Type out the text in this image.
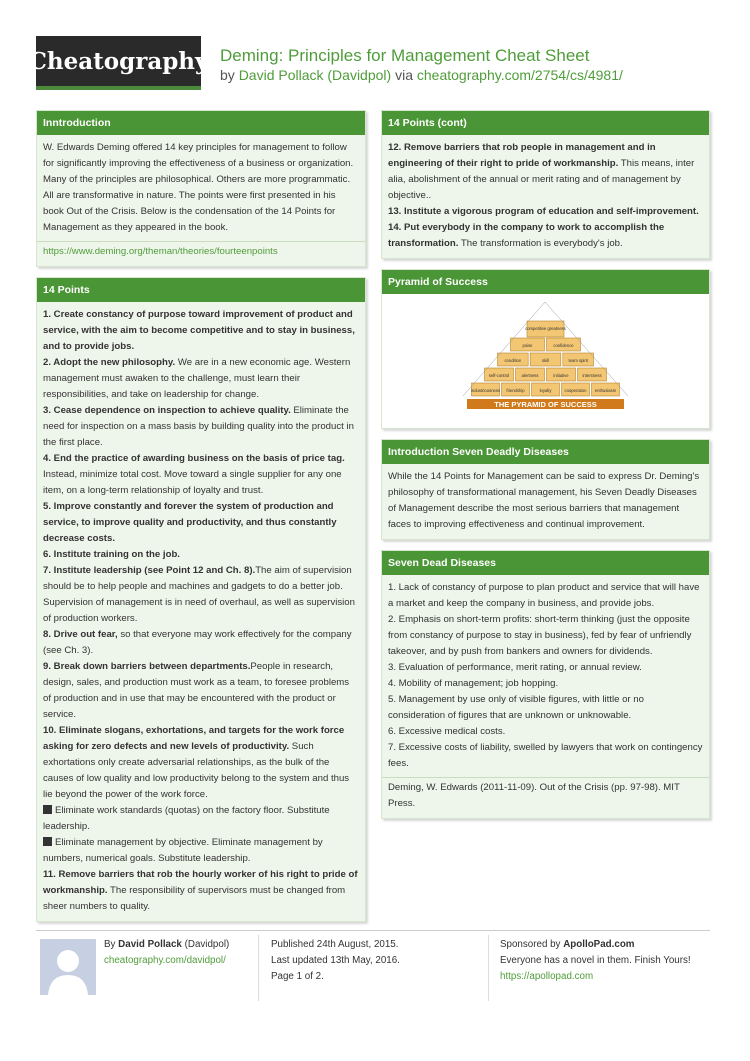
Cheatography Deming: Principles for Management Cheat Sheet
by David Pollack (Davidpol) via cheatography.com/2754/cs/4981/
Inntroduction

W. Edwards Deming offered 14 key principles for management to follow for significantly improving the effectiveness of a business or organization. Many of the principles are philosophical. Others are more programmatic. All are transformative in nature. The points were first presented in his book Out of the Crisis. Below is the condensation of the 14 Points for Management as they appeared in the book.

https://www.deming.org/theman/theories/fourteenpoints
14 Points
1. Create constancy of purpose toward improvement of product and service, with the aim to become competitive and to stay in business, and to provide jobs.
2. Adopt the new philosophy. We are in a new economic age. Western management must awaken to the challenge, must learn their responsibilities, and take on leadership for change.
3. Cease dependence on inspection to achieve quality. Eliminate the need for inspection on a mass basis by building quality into the product in the first place.
4. End the practice of awarding business on the basis of price tag. Instead, minimize total cost. Move toward a single supplier for any one item, on a long-term relationship of loyalty and trust.
5. Improve constantly and forever the system of production and service, to improve quality and productivity, and thus constantly decrease costs.
6. Institute training on the job.
7. Institute leadership (see Point 12 and Ch. 8).The aim of supervision should be to help people and machines and gadgets to do a better job. Supervision of management is in need of overhaul, as well as supervision of production workers.
8. Drive out fear, so that everyone may work effectively for the company (see Ch. 3).
9. Break down barriers between departments.People in research, design, sales, and production must work as a team, to foresee problems of production and in use that may be encountered with the product or service.
10. Eliminate slogans, exhortations, and targets for the work force asking for zero defects and new levels of productivity. Such exhortations only create adversarial relationships, as the bulk of the causes of low quality and low productivity belong to the system and thus lie beyond the power of the work force.
Eliminate work standards (quotas) on the factory floor. Substitute leadership.
Eliminate management by objective. Eliminate management by numbers, numerical goals. Substitute leadership.
11. Remove barriers that rob the hourly worker of his right to pride of workmanship. The responsibility of supervisors must be changed from sheer numbers to quality.
14 Points (cont)
12. Remove barriers that rob people in management and in engineering of their right to pride of workmanship. This means, inter alia, abolishment of the annual or merit rating and of management by objective..
13. Institute a vigorous program of education and self-improvement.
14. Put everybody in the company to work to accomplish the transformation. The transformation is everybody's job.
Pyramid of Success
industriousness friendship	loyalty	cooperation enthusiasm
self-control	alertness	initiative	intentness
condition	skill	team spirit
poise	confidence
competitive greatness
THE PYRAMID OF SUCCESS
Introduction Seven Deadly Diseases

While the 14 Points for Management can be said to express Dr. Deming's philosophy of transformational management, his Seven Deadly Diseases of Management describe the most serious barriers that management faces to improving effectiveness and continual improvement.

Seven Dead Diseases
1. Lack of constancy of purpose to plan product and service that will have a market and keep the company in business, and provide jobs.
2. Emphasis on short-term profits: short-term thinking (just the opposite from constancy of purpose to stay in business), fed by fear of unfriendly takeover, and by push from bankers and owners for dividends.
3. Evaluation of performance, merit rating, or annual review.
4. Mobility of management; job hopping.
5. Management by use only of visible figures, with little or no consideration of figures that are unknown or unknowable.
6. Excessive medical costs.
7. Excessive costs of liability, swelled by lawyers that work on contingency fees.

Deming, W. Edwards (2011-11-09). Out of the Crisis (pp. 97-98). MIT Press.

By David Pollack (Davidpol)
cheatography.com/davidpol/
Published 24th August, 2015.
Last updated 13th May, 2016.
Page 1 of 2.
Sponsored by ApolloPad.com
Everyone has a novel in them. Finish Yours!
https://apollopad.com
